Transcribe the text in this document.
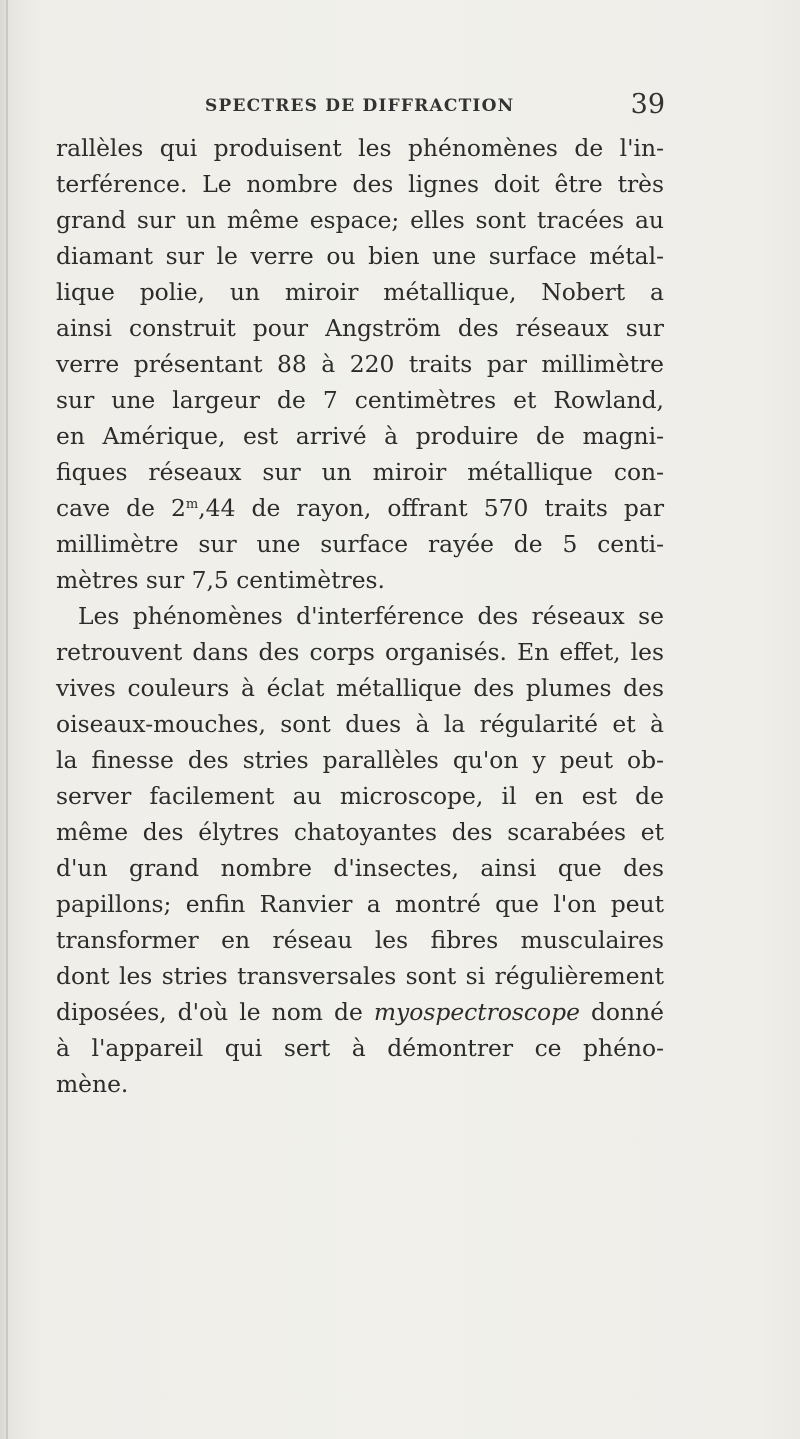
SPECTRES DE DIFFRACTION	39
rallèles qui produisent les phénomènes de l'in-
terférence. Le nombre des lignes doit être très
grand sur un même espace; elles sont tracées au
diamant sur le verre ou bien une surface métal-
lique polie, un miroir métallique, Nobert a
ainsi construit pour Angström des réseaux sur
verre présentant 88 à 220 traits par millimètre
sur une largeur de 7 centimètres et Rowland,
en Amérique, est arrivé à produire de magni-
fiques réseaux sur un miroir métallique con-
cave de 2$^m$,44 de rayon, offrant 570 traits par
millimètre sur une surface rayée de 5 centi-
mètres sur 7,5 centimètres.
Les phénomènes d'interférence des réseaux se
retrouvent dans des corps organisés. En effet, les
vives couleurs à éclat métallique des plumes des
oiseaux-mouches, sont dues à la régularité et à
la finesse des stries parallèles qu'on y peut ob-
server facilement au microscope, il en est de
même des élytres chatoyantes des scarabées et
d'un grand nombre d'insectes, ainsi que des
papillons; enfin Ranvier a montré que l'on peut
transformer en réseau les fibres musculaires
dont les stries transversales sont si régulièrement
diposées, d'où le nom de myospectroscope donné
à l'appareil qui sert à démontrer ce phéno-
mène.
